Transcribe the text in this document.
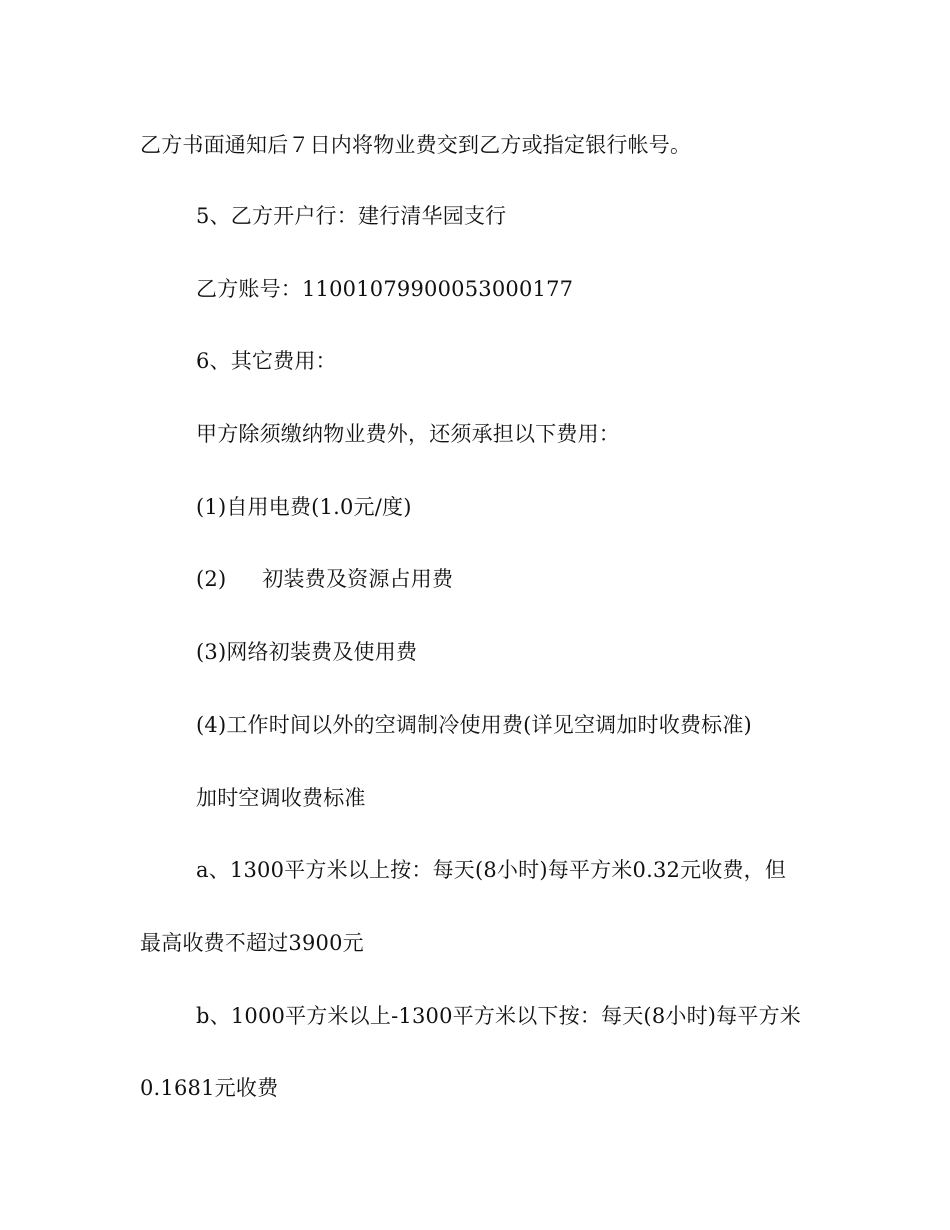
乙方书面通知后７日内将物业费交到乙方或指定银行帐号。
5、乙方开户行：建行清华园支行
乙方账号：11001079900053000177
6、其它费用：
甲方除须缴纳物业费外，还须承担以下费用：
(1)自用电费(1.0元/度)
(2) 初装费及资源占用费
(3)网络初装费及使用费
(4)工作时间以外的空调制冷使用费(详见空调加时收费标准)
加时空调收费标准
a、1300平方米以上按：每天(8小时)每平方米0.32元收费，但
最高收费不超过3900元
b、1000平方米以上-1300平方米以下按：每天(8小时)每平方米
0.1681元收费
